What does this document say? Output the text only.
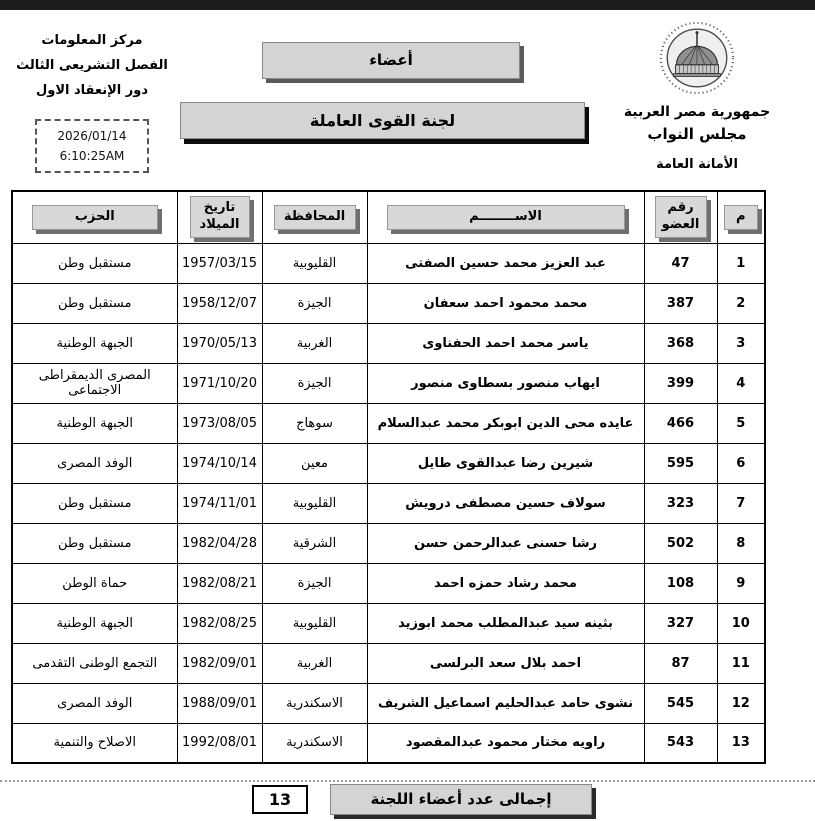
جمهورية مصر العربية
مجلس النواب
الأمانة العامة
أعضاء
لجنة القوى العاملة
مركز المعلومات
الفصل التشريعى الثالث
دور الإنعقاد الاول
2026/01/14
6:10:25AM
م	رقم العضو	الاســــــــم	المحافظة	تاريخ الميلاد	الحزب
1	47	عبد العزيز محمد حسين الصفتى	القليوبية	1957/03/15	مستقبل وطن
2	387	محمد محمود احمد سعفان	الجيزة	1958/12/07	مستقبل وطن
3	368	ياسر محمد احمد الحفناوى	الغربية	1970/05/13	الجبهة الوطنية
4	399	ايهاب منصور بسطاوى منصور	الجيزة	1971/10/20	المصرى الديمقراطى الاجتماعى
5	466	عايده محى الدين ابوبكر محمد عبدالسلام	سوهاج	1973/08/05	الجبهة الوطنية
6	595	شيرين رضا عبدالقوى طايل	معين	1974/10/14	الوفد المصرى
7	323	سولاف حسين مصطفى درويش	القليوبية	1974/11/01	مستقبل وطن
8	502	رشا حسنى عبدالرحمن حسن	الشرقية	1982/04/28	مستقبل وطن
9	108	محمد رشاد حمزه احمد	الجيزة	1982/08/21	حماة الوطن
10	327	بثينه سيد عبدالمطلب محمد ابوزيد	القليوبية	1982/08/25	الجبهة الوطنية
11	87	احمد بلال سعد البرلسى	الغربية	1982/09/01	التجمع الوطنى التقدمى
12	545	نشوى حامد عبدالحليم اسماعيل الشريف	الاسكندرية	1988/09/01	الوفد المصرى
13	543	راويه مختار محمود عبدالمقصود	الاسكندرية	1992/08/01	الاصلاح والتنمية
13	إجمالى عدد أعضاء اللجنة
